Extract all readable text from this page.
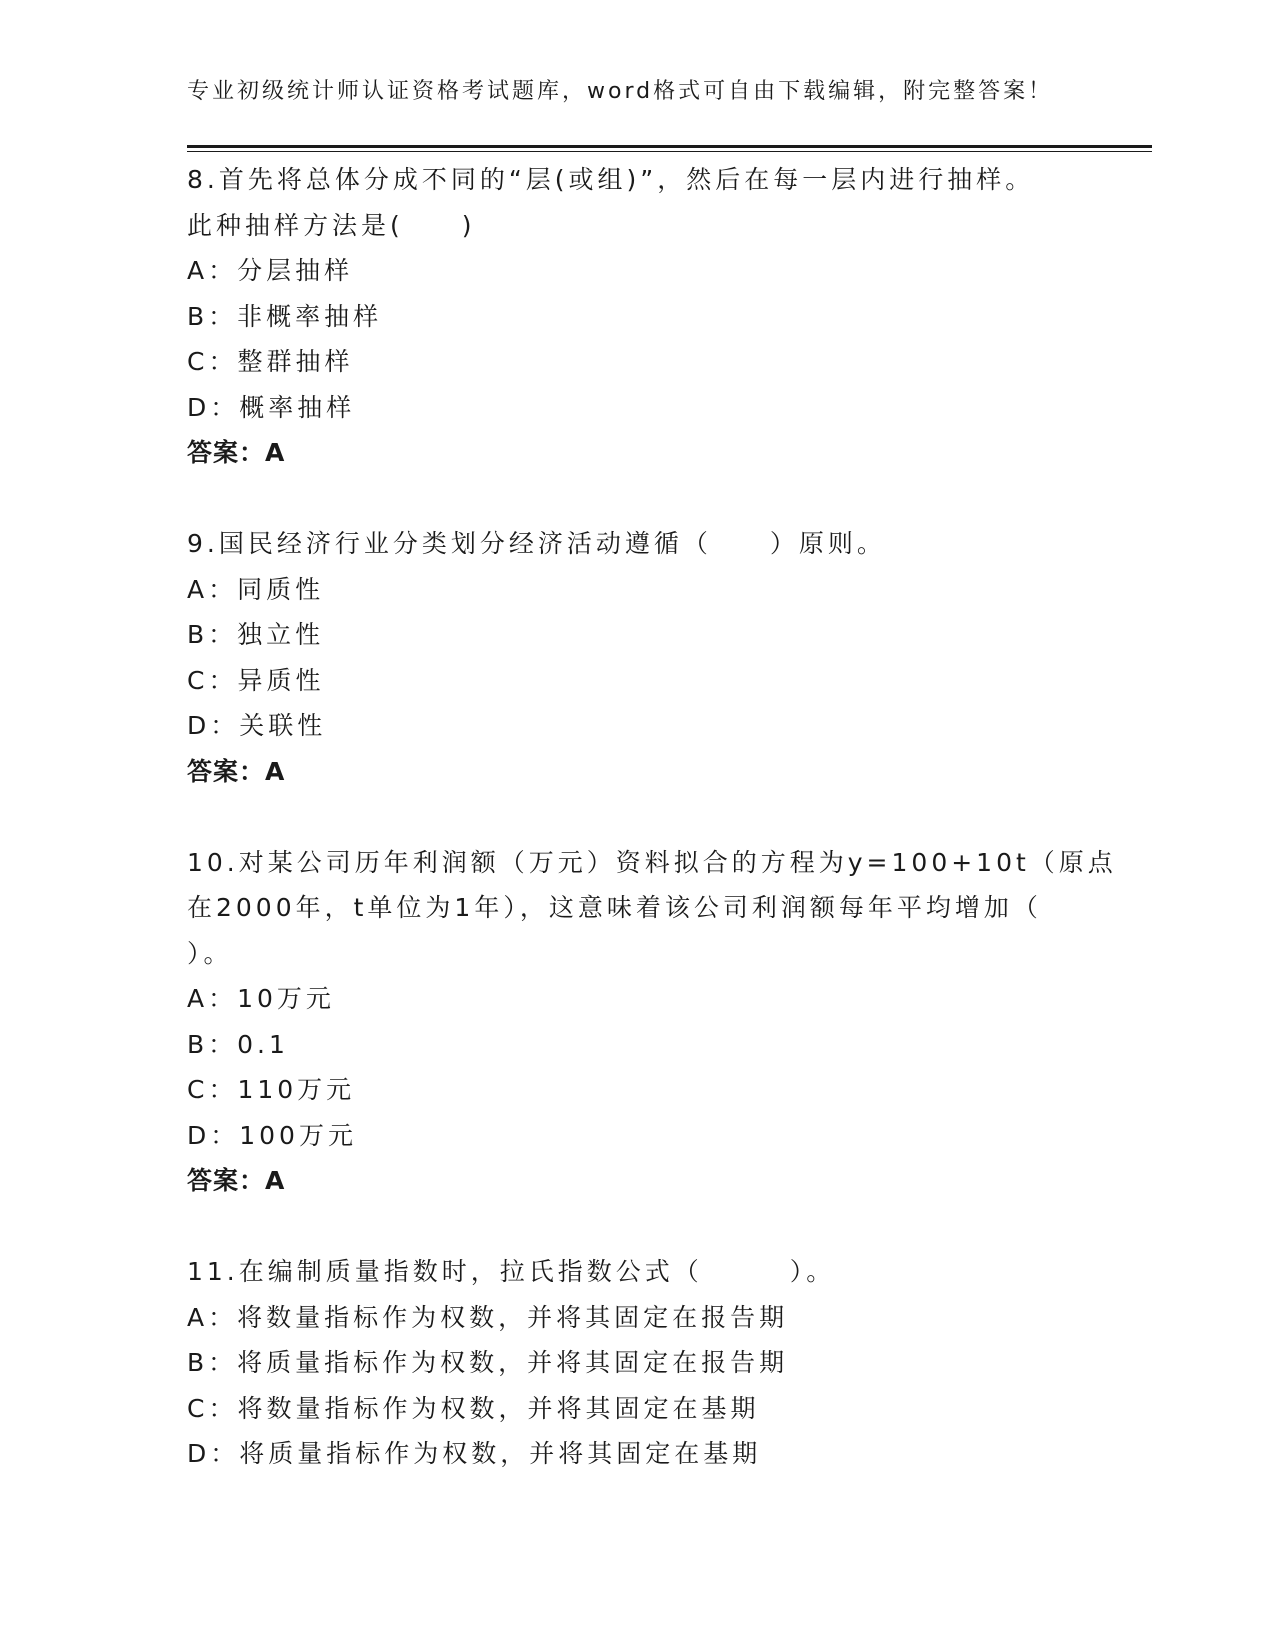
专业初级统计师认证资格考试题库，word格式可自由下载编辑，附完整答案！
8.首先将总体分成不同的“层(或组)”，然后在每一层内进行抽样。
此种抽样方法是(　　)
A：分层抽样
B：非概率抽样
C：整群抽样
D：概率抽样
答案：A
9.国民经济行业分类划分经济活动遵循（　　）原则。
A：同质性
B：独立性
C：异质性
D：关联性
答案：A
10.对某公司历年利润额（万元）资料拟合的方程为y=100+10t（原点
在2000年，t单位为1年），这意味着该公司利润额每年平均增加（
）。
A：10万元
B：0.1
C：110万元
D：100万元
答案：A
11.在编制质量指数时，拉氏指数公式（　　　）。
A：将数量指标作为权数，并将其固定在报告期
B：将质量指标作为权数，并将其固定在报告期
C：将数量指标作为权数，并将其固定在基期
D：将质量指标作为权数，并将其固定在基期
